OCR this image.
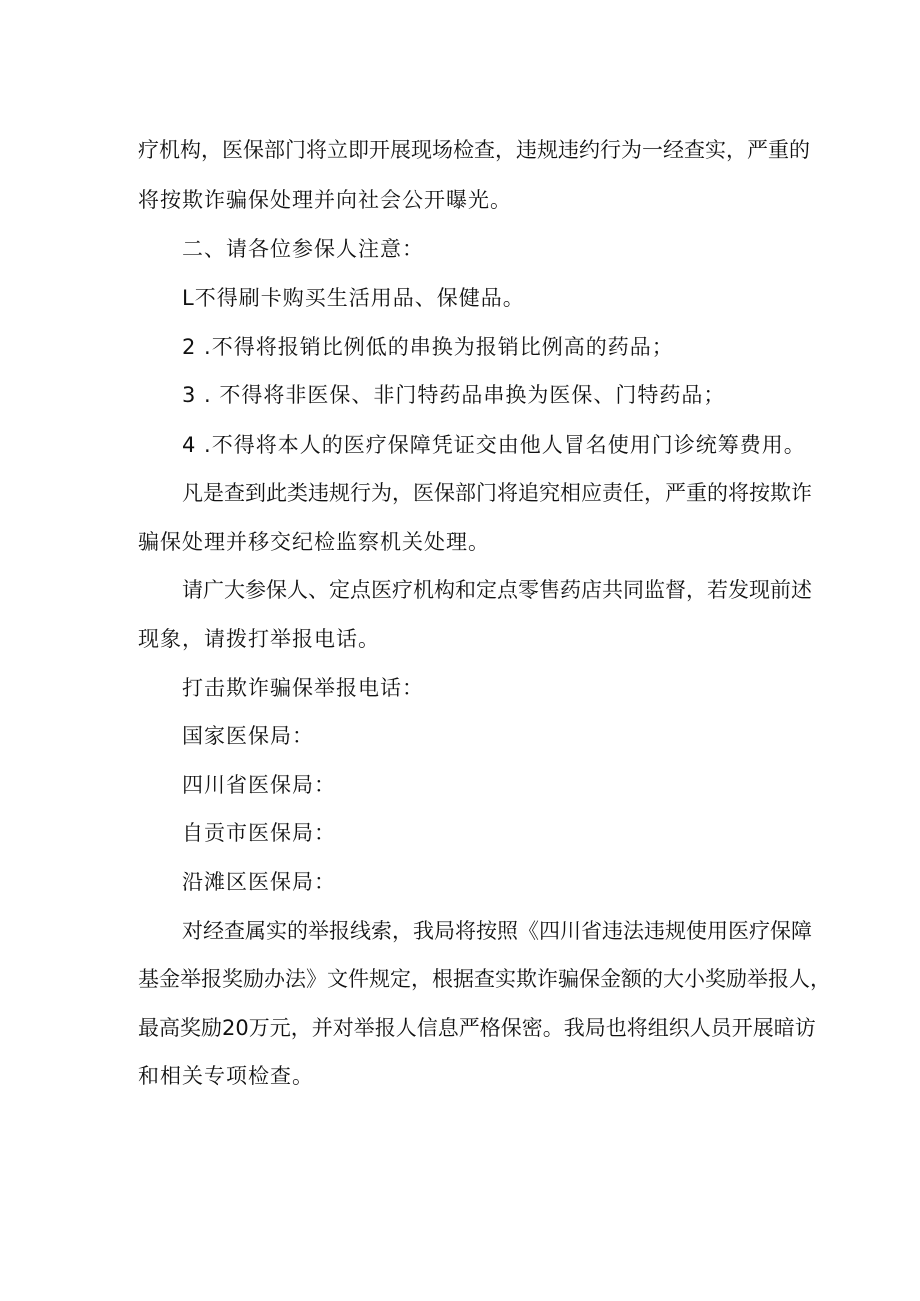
疗机构，医保部门将立即开展现场检查，违规违约行为一经查实，严重的
将按欺诈骗保处理并向社会公开曝光。
二、请各位参保人注意：
L不得刷卡购买生活用品、保健品。
2 .不得将报销比例低的串换为报销比例高的药品；
3 . 不得将非医保、非门特药品串换为医保、门特药品；
4 .不得将本人的医疗保障凭证交由他人冒名使用门诊统筹费用。
凡是查到此类违规行为，医保部门将追究相应责任，严重的将按欺诈
骗保处理并移交纪检监察机关处理。
请广大参保人、定点医疗机构和定点零售药店共同监督，若发现前述
现象，请拨打举报电话。
打击欺诈骗保举报电话：
国家医保局：
四川省医保局：
自贡市医保局：
沿滩区医保局：
对经查属实的举报线索，我局将按照《四川省违法违规使用医疗保障
基金举报奖励办法》文件规定，根据查实欺诈骗保金额的大小奖励举报人，
最高奖励20万元，并对举报人信息严格保密。我局也将组织人员开展暗访
和相关专项检查。
